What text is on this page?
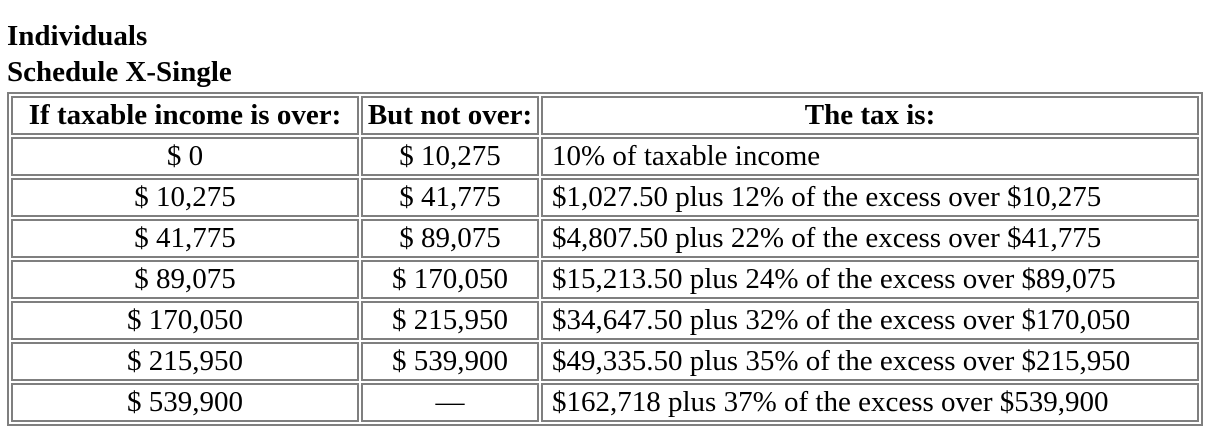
Individuals

Schedule X-Single

If taxable income is over:	But not over:	The tax is:
$ 0	$ 10,275	10% of taxable income
$ 10,275	$ 41,775	$1,027.50 plus 12% of the excess over $10,275
$ 41,775	$ 89,075	$4,807.50 plus 22% of the excess over $41,775
$ 89,075	$ 170,050	$15,213.50 plus 24% of the excess over $89,075
$ 170,050	$ 215,950	$34,647.50 plus 32% of the excess over $170,050
$ 215,950	$ 539,900	$49,335.50 plus 35% of the excess over $215,950
$ 539,900	—	$162,718 plus 37% of the excess over $539,900
